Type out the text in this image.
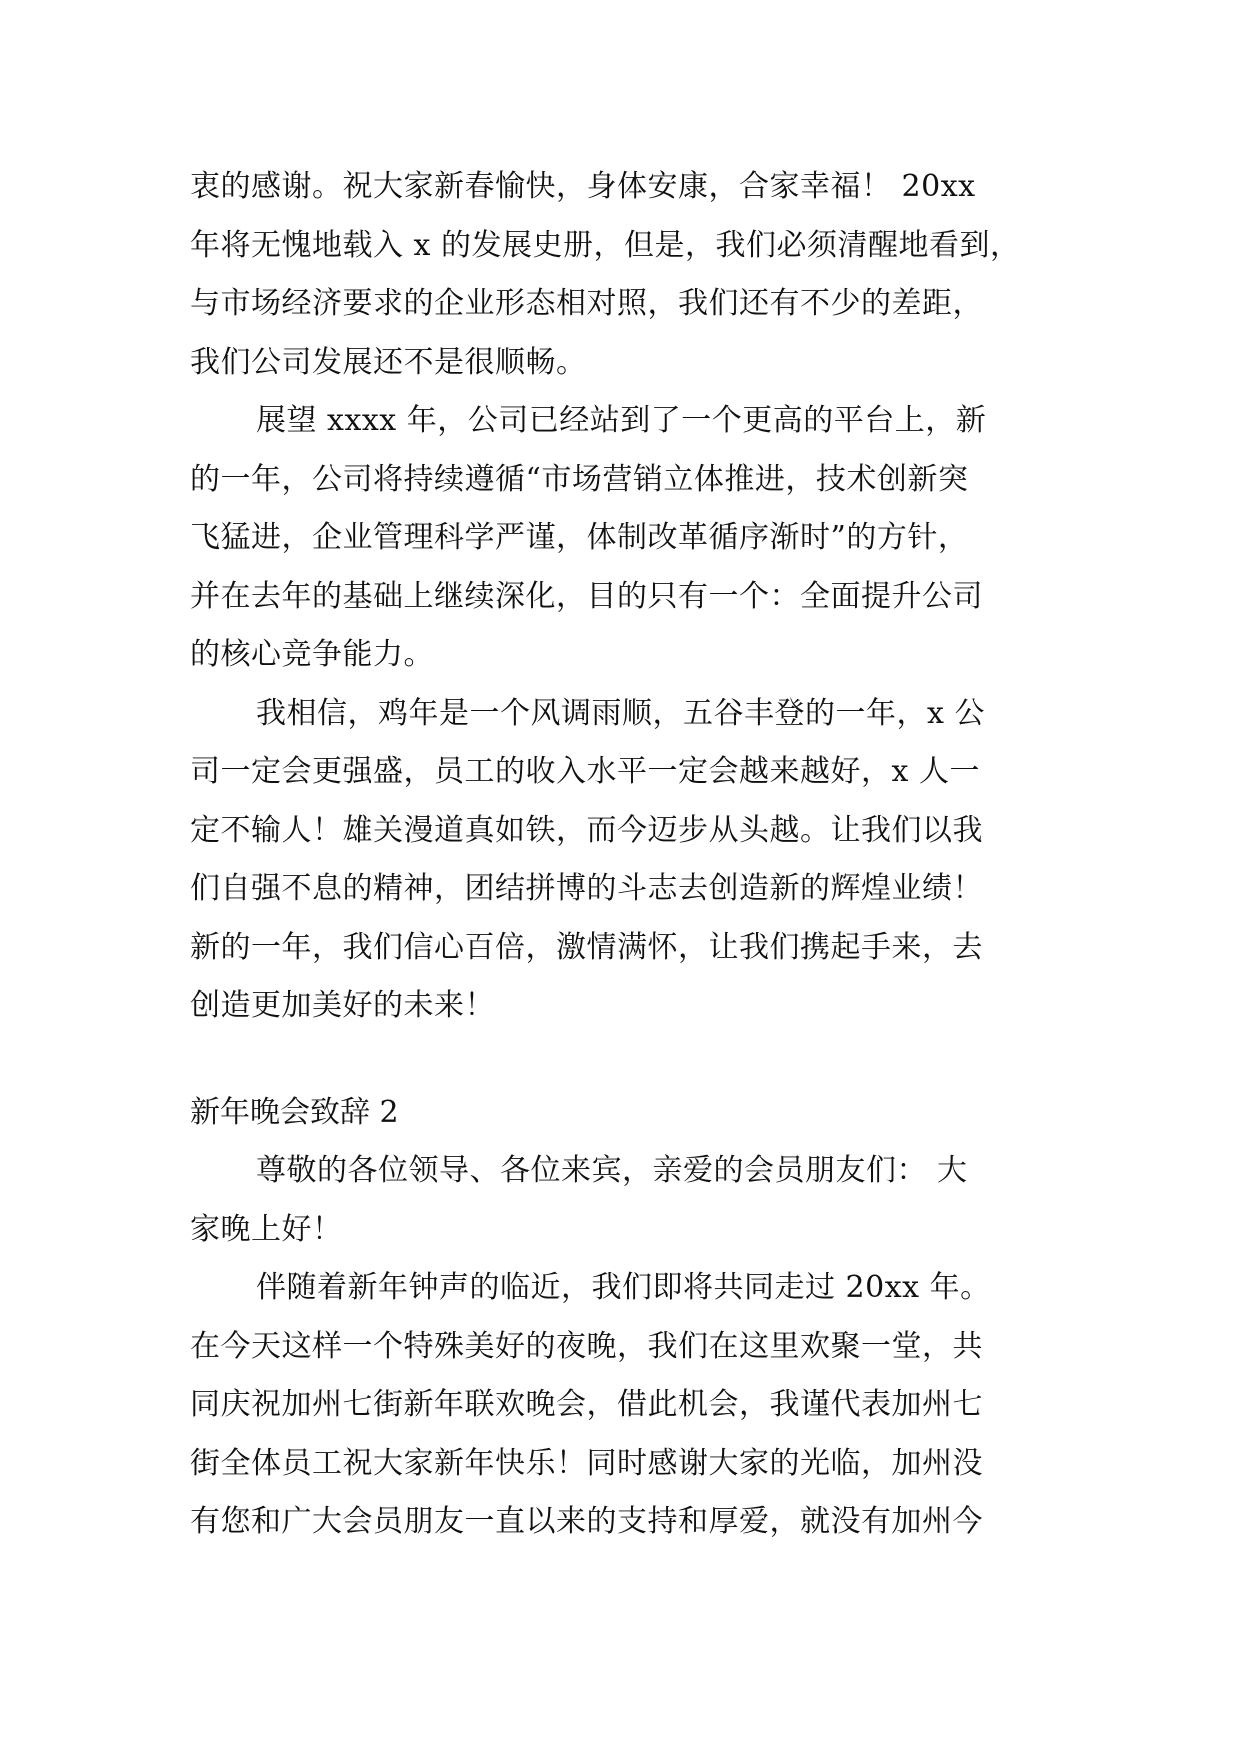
衷的感谢。祝大家新春愉快，身体安康，合家幸福！ 20xx
年将无愧地载入 x 的发展史册，但是，我们必须清醒地看到，
与市场经济要求的企业形态相对照，我们还有不少的差距，
我们公司发展还不是很顺畅。
展望 xxxx 年，公司已经站到了一个更高的平台上，新
的一年，公司将持续遵循“市场营销立体推进，技术创新突
飞猛进，企业管理科学严谨，体制改革循序渐时”的方针，
并在去年的基础上继续深化，目的只有一个：全面提升公司
的核心竞争能力。
我相信，鸡年是一个风调雨顺，五谷丰登的一年，x 公
司一定会更强盛，员工的收入水平一定会越来越好，x 人一
定不输人！雄关漫道真如铁，而今迈步从头越。让我们以我
们自强不息的精神，团结拼博的斗志去创造新的辉煌业绩！
新的一年，我们信心百倍，激情满怀，让我们携起手来，去
创造更加美好的未来！
新年晚会致辞 2
尊敬的各位领导、各位来宾，亲爱的会员朋友们： 大
家晚上好！
伴随着新年钟声的临近，我们即将共同走过 20xx 年。
在今天这样一个特殊美好的夜晚，我们在这里欢聚一堂，共
同庆祝加州七街新年联欢晚会，借此机会，我谨代表加州七
街全体员工祝大家新年快乐！同时感谢大家的光临，加州没
有您和广大会员朋友一直以来的支持和厚爱，就没有加州今
